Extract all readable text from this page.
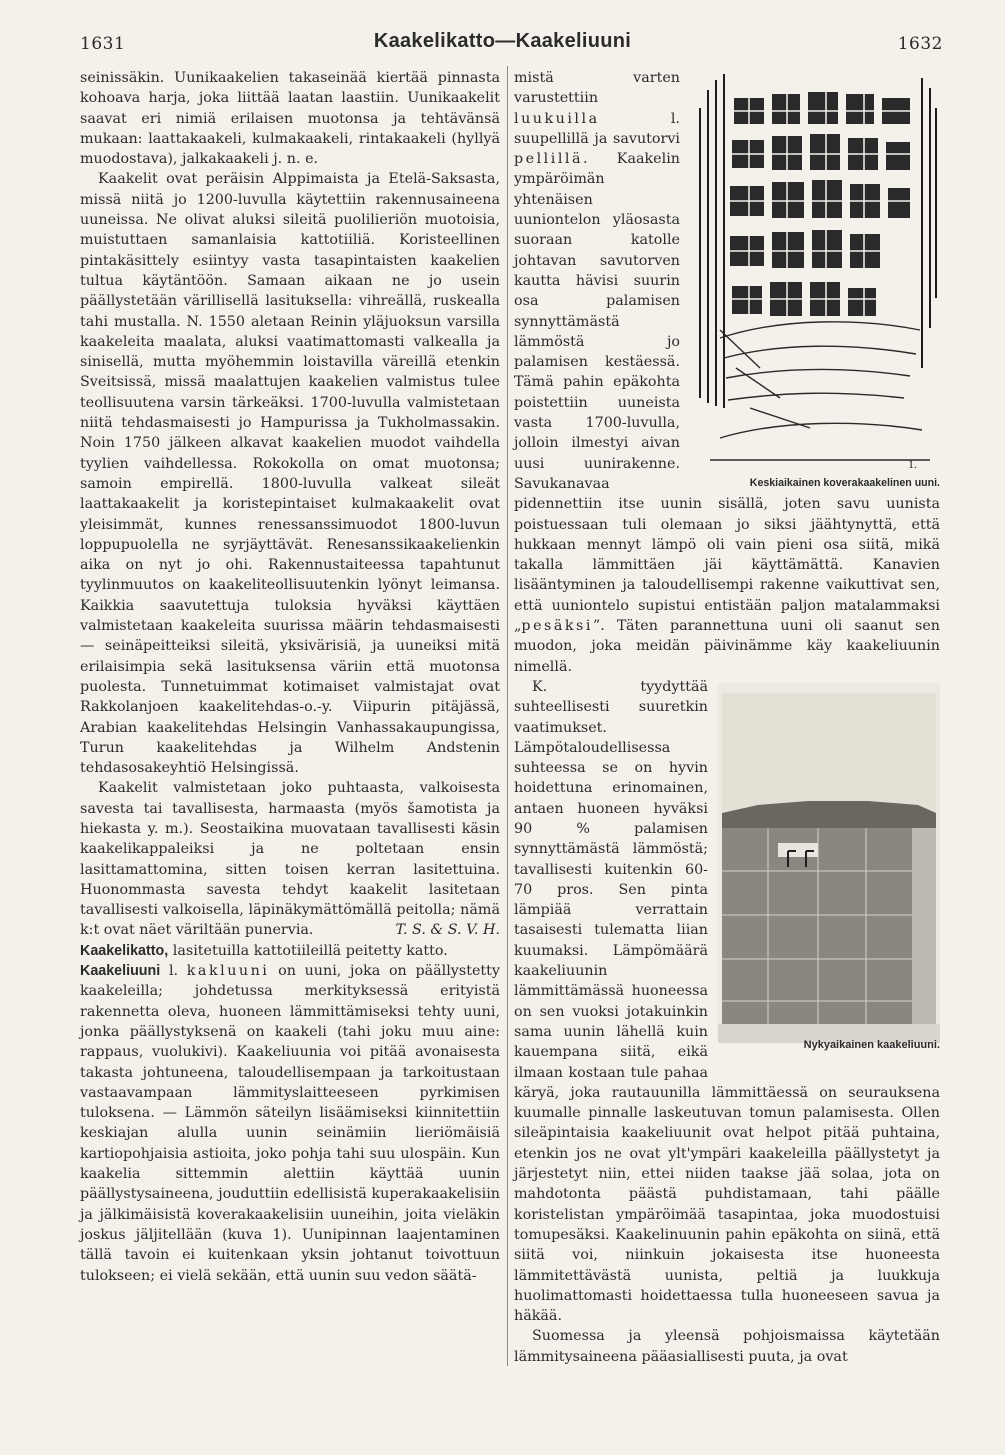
1631	Kaakelikatto—Kaakeliuuni	1632

seinissäkin. Uunikaakelien takaseinää kiertää pinnasta kohoava harja, joka liittää laatan laastiin. Uunikaakelit saavat eri nimiä erilaisen muotonsa ja tehtävänsä mukaan: laattakaakeli, kulmakaakeli, rintakaakeli (hyllyä muodostava), jalkakaakeli j. n. e.

Kaakelit ovat peräisin Alppimaista ja Etelä-Saksasta, missä niitä jo 1200-luvulla käytettiin rakennusaineena uuneissa. Ne olivat aluksi sileitä puolilieriön muotoisia, muistuttaen samanlaisia kattotiiliä. Koristeellinen pintakäsittely esiintyy vasta tasapintaisten kaakelien tultua käytäntöön. Samaan aikaan ne jo usein päällystetään värillisellä lasituksella: vihreällä, ruskealla tahi mustalla. N. 1550 aletaan Reinin yläjuoksun varsilla kaakeleita maalata, aluksi vaatimattomasti valkealla ja sinisellä, mutta myöhemmin loistavilla väreillä etenkin Sveitsissä, missä maalattujen kaakelien valmistus tulee teollisuutena varsin tärkeäksi. 1700-luvulla valmistetaan niitä tehdasmaisesti jo Hampurissa ja Tukholmassakin. Noin 1750 jälkeen alkavat kaakelien muodot vaihdella tyylien vaihdellessa. Rokokolla on omat muotonsa; samoin empirellä. 1800-luvulla valkeat sileät laattakaakelit ja koristepintaiset kulmakaakelit ovat yleisimmät, kunnes renessanssimuodot 1800-luvun loppupuolella ne syrjäyttävät. Renesanssikaakelienkin aika on nyt jo ohi. Rakennustaiteessa tapahtunut tyylinmuutos on kaakeliteollisuutenkin lyönyt leimansa. Kaikkia saavutettuja tuloksia hyväksi käyttäen valmistetaan kaakeleita suurissa määrin tehdasmaisesti — seinäpeitteiksi sileitä, yksivärisiä, ja uuneiksi mitä erilaisimpia sekä lasituksensa väriin että muotonsa puolesta. Tunnetuimmat kotimaiset valmistajat ovat Rakkolanjoen kaakelitehdas-o.-y. Viipurin pitäjässä, Arabian kaakelitehdas Helsingin Vanhassakaupungissa, Turun kaakelitehdas ja Wilhelm Andstenin tehdasosakeyhtiö Helsingissä.

Kaakelit valmistetaan joko puhtaasta, valkoisesta savesta tai tavallisesta, harmaasta (myös šamotista ja hiekasta y. m.). Seostaikina muovataan tavallisesti käsin kaakelikappaleiksi ja ne poltetaan ensin lasittamattomina, sitten toisen kerran lasitettuina. Huonommasta savesta tehdyt kaakelit lasitetaan tavallisesti valkoisella, läpinäkymättömällä peitolla; nämä k:t ovat näet väriltään punervia.	T. S. & S. V. H.

Kaakelikatto, lasitetuilla kattotiileillä peitetty katto.

Kaakeliuuni l. kakluuni on uuni, joka on päällystetty kaakeleilla; johdetussa merkityksessä erityistä rakennetta oleva, huoneen lämmittämiseksi tehty uuni, jonka päällystyksenä on kaakeli (tahi joku muu aine: rappaus, vuolukivi). Kaakeliuunia voi pitää avonaisesta takasta johtuneena, taloudellisempaan ja tarkoitustaan vastaavampaan lämmityslaitteeseen pyrkimisen tuloksena. — Lämmön säteilyn lisäämiseksi kiinnitettiin keskiajan alulla uunin seinämiin lieriömäisiä kartiopohjaisia astioita, joko pohja tahi suu ulospäin. Kun kaakelia sittemmin alettiin käyttää uunin päällystysaineena, jouduttiin edellisistä kuperakaakelisiin ja jälkimäisistä koverakaakelisiin uuneihin, joita vieläkin joskus jäljitellään (kuva 1). Uunipinnan laajentaminen tällä tavoin ei kuitenkaan yksin johtanut toivottuun tulokseen; ei vielä sekään, että uunin suu vedon säätä-

1.
Keskiaikainen koverakaakelinen uuni.

mistä varten varustettiin luukuilla l. suupellillä ja savutorvi pellillä. Kaakelin ympäröimän yhtenäisen uuniontelon yläosasta suoraan katolle johtavan savutorven kautta hävisi suurin osa palamisen synnyttämästä lämmöstä jo palamisen kestäessä. Tämä pahin epäkohta poistettiin uuneista vasta 1700-luvulla, jolloin ilmestyi aivan uusi uunirakenne. Savukanavaa pidennettiin itse uunin sisällä, joten savu uunista poistuessaan tuli olemaan jo siksi jäähtynyttä, että hukkaan mennyt lämpö oli vain pieni osa siitä, mikä takalla lämmittäen jäi käyttämättä. Kanavien lisääntyminen ja taloudellisempi rakenne vaikuttivat sen, että uuniontelo supistui entistään paljon matalammaksi „pesäksi”. Täten parannettuna uuni oli saanut sen muodon, joka meidän päivinämme käy kaakeliuunin nimellä.

Nykyaikainen kaakeliuuni.

K. tyydyttää suhteellisesti suuretkin vaatimukset. Lämpötaloudellisessa suhteessa se on hyvin hoidettuna erinomainen, antaen huoneen hyväksi 90 % palamisen synnyttämästä lämmöstä; tavallisesti kuitenkin 60-70 pros. Sen pinta lämpiää verrattain tasaisesti tulematta liian kuumaksi. Lämpömäärä kaakeliuunin lämmittämässä huoneessa on sen vuoksi jotakuinkin sama uunin lähellä kuin kauempana siitä, eikä ilmaan kostaan tule pahaa käryä, joka rautauunilla lämmittäessä on seurauksena kuumalle pinnalle laskeutuvan tomun palamisesta. Ollen sileäpintaisia kaakeliuunit ovat helpot pitää puhtaina, etenkin jos ne ovat ylt'ympäri kaakeleilla päällystetyt ja järjestetyt niin, ettei niiden taakse jää solaa, jota on mahdotonta päästä puhdistamaan, tahi päälle koristelistan ympäröimää tasapintaa, joka muodostuisi tomupesäksi. Kaakelinuunin pahin epäkohta on siinä, että siitä voi, niinkuin jokaisesta itse huoneesta lämmitettävästä uunista, peltiä ja luukkuja huolimattomasti hoidettaessa tulla huoneeseen savua ja häkää.

Suomessa ja yleensä pohjoismaissa käytetään lämmitysaineena pääasiallisesti puuta, ja ovat
